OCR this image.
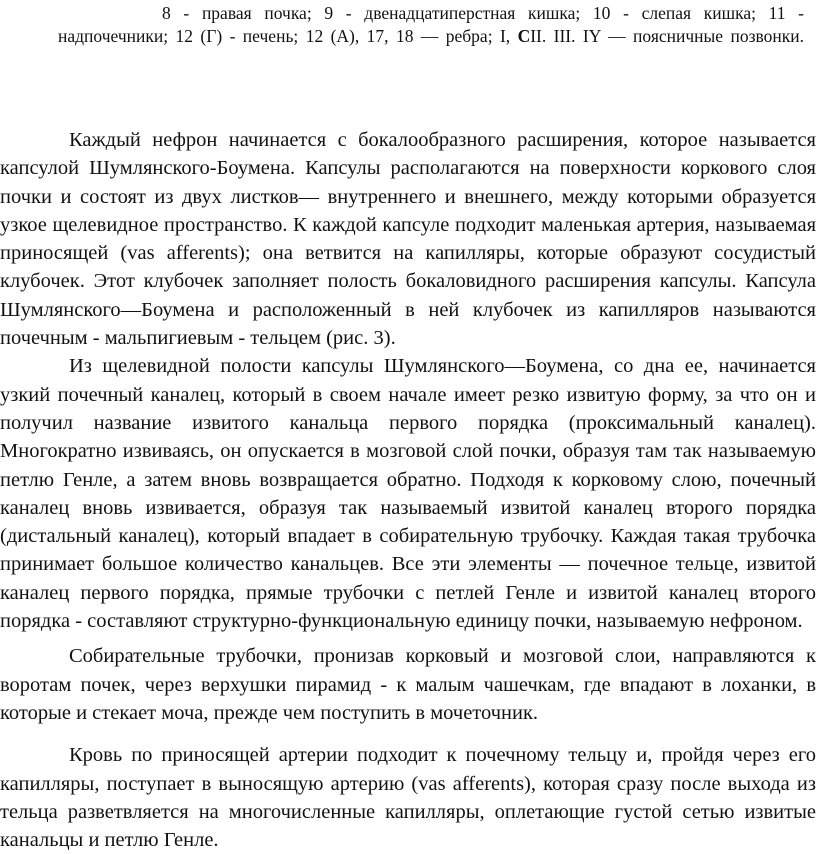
8 - правая почка; 9 - двенадцатиперстная кишка; 10 - слепая кишка; 11 -
надпочечники; 12 (Г) - печень; 12 (А), 17, 18 — ребра; I, СII. III. IY — поясничные позвонки.

Каждый нефрон начинается с бокалообразного расширения, которое называется капсулой Шумлянского-Боумена. Капсулы располагаются на поверхности коркового слоя почки и состоят из двух листков— внутреннего и внешнего, между которыми образуется узкое щелевидное пространство. К каждой капсуле подходит маленькая артерия, называемая приносящей (vas afferents); она ветвится на капилляры, которые образуют сосудистый клубочек. Этот клубочек заполняет полость бокаловидного расширения капсулы. Капсула Шумлянского—Боумена и расположенный в ней клубочек из капилляров называются почечным - мальпигиевым - тельцем (рис. 3).

Из щелевидной полости капсулы Шумлянского—Боумена, со дна ее, начинается узкий почечный каналец, который в своем начале имеет резко извитую форму, за что он и получил название извитого канальца первого порядка (проксимальный каналец). Многократно извиваясь, он опускается в мозговой слой почки, образуя там так называемую петлю Генле, а затем вновь возвращается обратно. Подходя к корковому слою, почечный каналец вновь извивается, образуя так называемый извитой каналец второго порядка (дистальный каналец), который впадает в собирательную трубочку. Каждая такая трубочка принимает большое количество канальцев. Все эти элементы — почечное тельце, извитой каналец первого порядка, прямые трубочки с петлей Генле и извитой каналец второго порядка - составляют структурно-функциональную единицу почки, называемую нефроном.

Собирательные трубочки, пронизав корковый и мозговой слои, направляются к воротам почек, через верхушки пирамид - к малым чашечкам, где впадают в лоханки, в которые и стекает моча, прежде чем поступить в мочеточник.

Кровь по приносящей артерии подходит к почечному тельцу и, пройдя через его капилляры, поступает в выносящую артерию (vas afferents), которая сразу после выхода из тельца разветвляется на многочисленные капилляры, оплетающие густой сетью извитые канальцы и петлю Генле.
